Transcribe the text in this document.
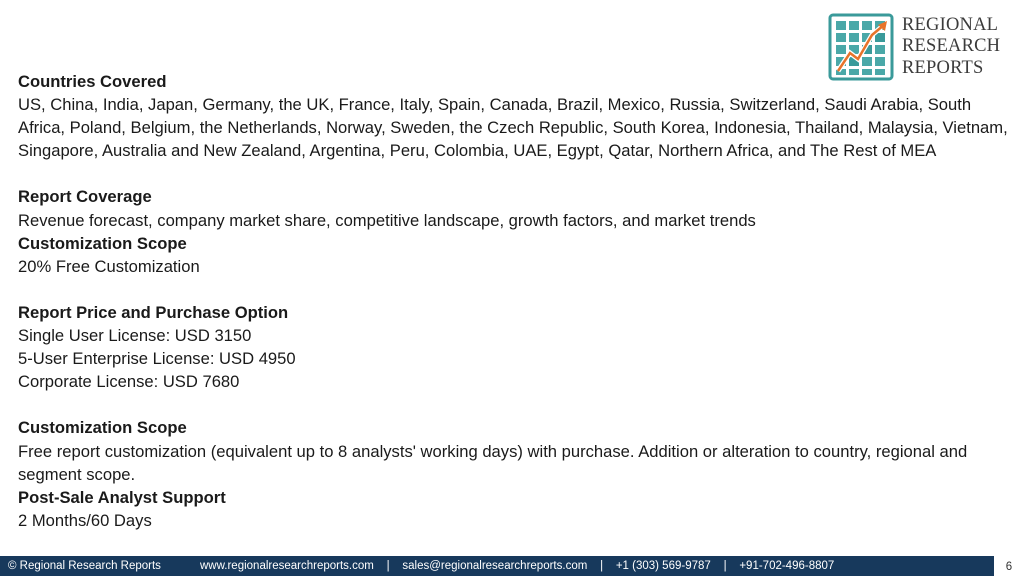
REGIONAL
RESEARCH
REPORTS
Countries Covered
US, China, India, Japan, Germany, the UK, France, Italy, Spain, Canada, Brazil, Mexico, Russia, Switzerland, Saudi Arabia, South Africa, Poland, Belgium, the Netherlands, Norway, Sweden, the Czech Republic, South Korea, Indonesia, Thailand, Malaysia, Vietnam, Singapore, Australia and New Zealand, Argentina, Peru, Colombia, UAE, Egypt, Qatar, Northern Africa, and The Rest of MEA
Report Coverage
Revenue forecast, company market share, competitive landscape, growth factors, and market trends
Customization Scope
20% Free Customization
Report Price and Purchase Option
Single User License: USD 3150
5-User Enterprise License: USD 4950
Corporate License: USD 7680
Customization Scope
Free report customization (equivalent up to 8 analysts' working days) with purchase. Addition or alteration to country, regional and segment scope.
Post-Sale Analyst Support
2 Months/60 Days
© Regional Research Reports	www.regionalresearchreports.com    |    sales@regionalresearchreports.com    |    +1 (303) 569-9787    |    +91-702-496-8807	6
